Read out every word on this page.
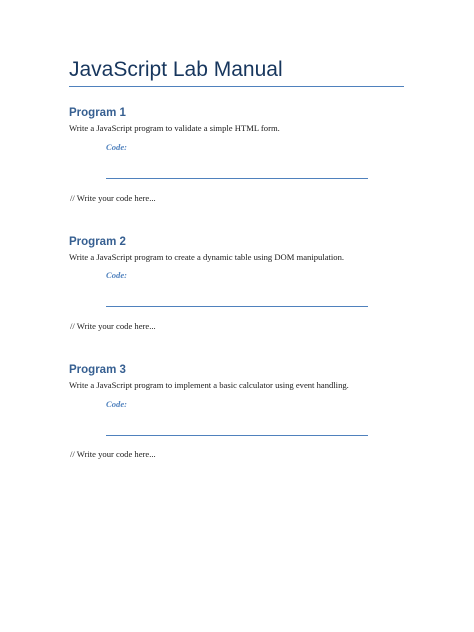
JavaScript Lab Manual
Program 1
Write a JavaScript program to validate a simple HTML form.
Code:
// Write your code here...
Program 2
Write a JavaScript program to create a dynamic table using DOM manipulation.
Code:
// Write your code here...
Program 3
Write a JavaScript program to implement a basic calculator using event handling.
Code:
// Write your code here...
